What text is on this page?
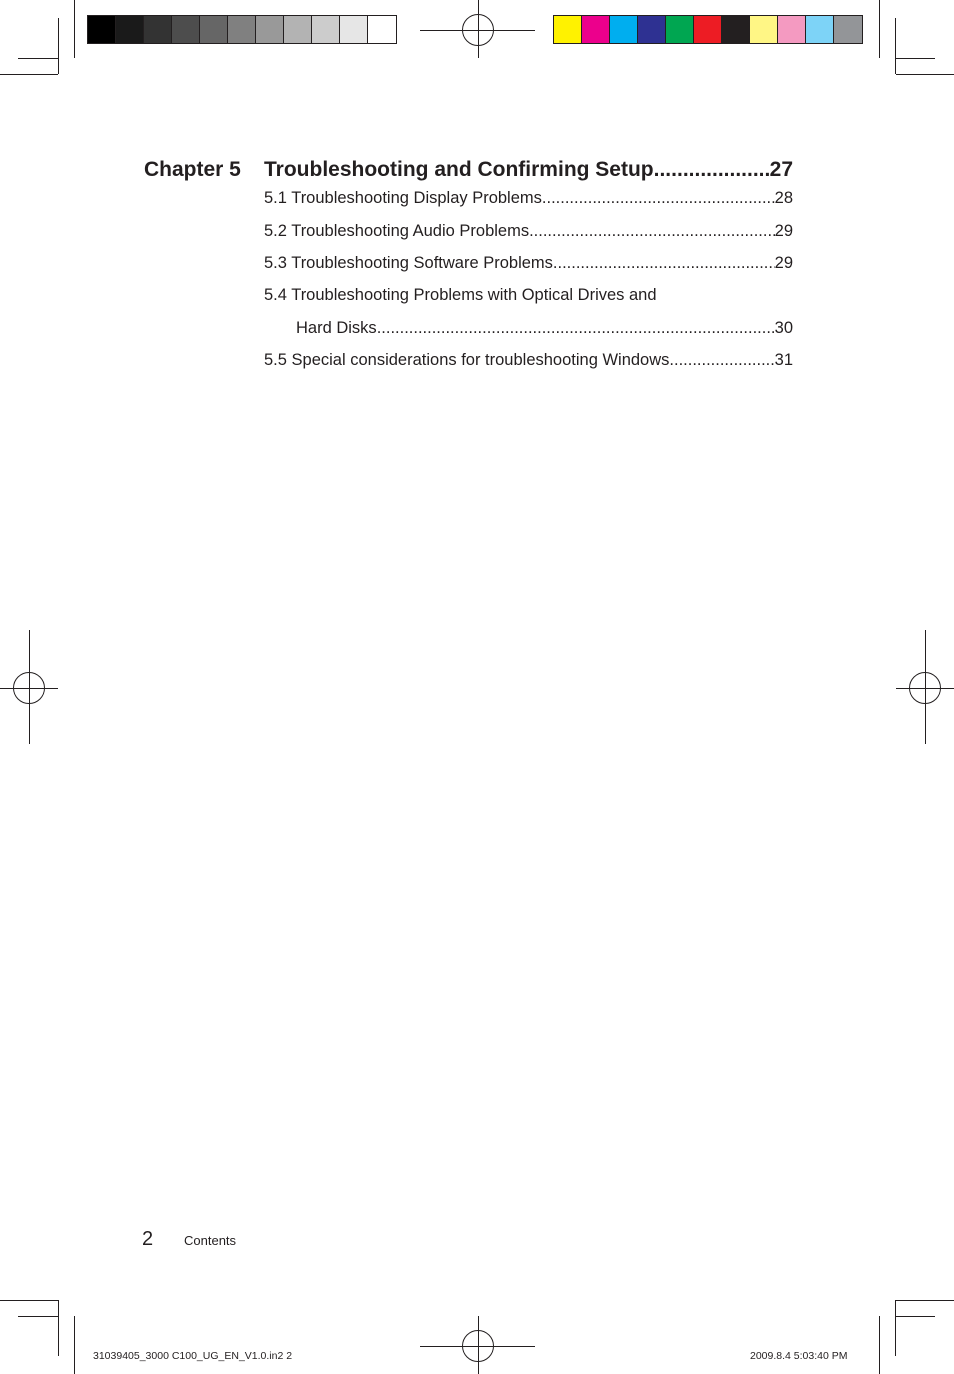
Chapter 5	Troubleshooting and Confirming Setup .....	27
5.1 Troubleshooting Display Problems .....	28
5.2 Troubleshooting Audio Problems .....	29
5.3 Troubleshooting Software Problems .....	29
5.4 Troubleshooting Problems with Optical Drives and
Hard Disks .....	30
5.5 Special considerations for troubleshooting Windows .....	31
2 Contents
31039405_3000 C100_UG_EN_V1.0.in2 2	2009.8.4 5:03:40 PM
